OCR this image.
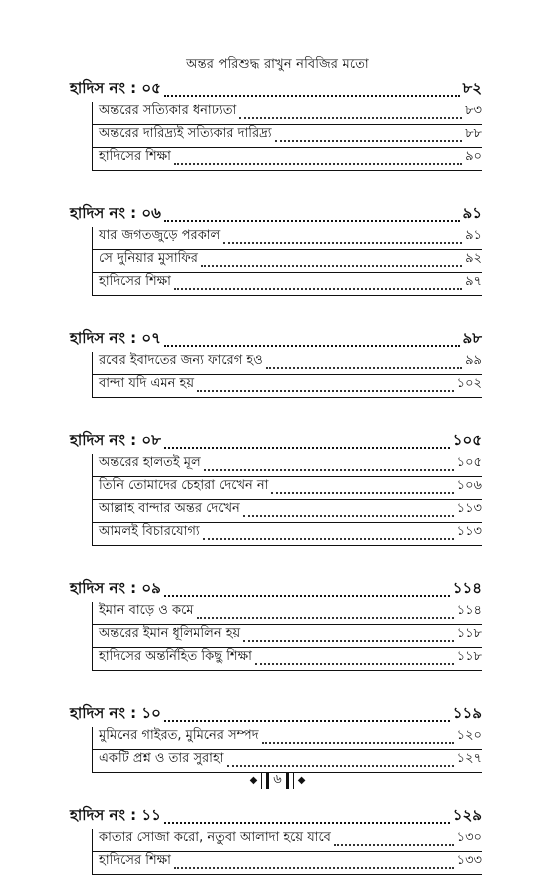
অন্তর পরিশুদ্ধ রাখুন নবিজির মতো
হাদিস নং : ০৫	৮২
অন্তরের সত্যিকার ধনাঢ্যতা	৮৩
অন্তরের দারিদ্র্যই সত্যিকার দারিদ্র্য	৮৮
হাদিসের শিক্ষা	৯০
হাদিস নং : ০৬	৯১
যার জগতজুড়ে পরকাল	৯১
সে দুনিয়ার মুসাফির	৯২
হাদিসের শিক্ষা	৯৭
হাদিস নং : ০৭	৯৮
রবের ইবাদতের জন্য ফারেগ হও	৯৯
বান্দা যদি এমন হয়	১০২
হাদিস নং : ০৮	১০৫
অন্তরের হালতই মূল	১০৫
তিনি তোমাদের চেহারা দেখেন না	১০৬
আল্লাহ বান্দার অন্তর দেখেন	১১৩
আমলই বিচারযোগ্য	১১৩
হাদিস নং : ০৯	১১৪
ইমান বাড়ে ও কমে	১১৪
অন্তরের ইমান ধূলিমলিন হয়	১১৮
হাদিসের অন্তর্নিহিত কিছু শিক্ষা	১১৮
হাদিস নং : ১০	১১৯
মুমিনের গাইরত, মুমিনের সম্পদ	১২০
একটি প্রশ্ন ও তার সুরাহা	১২৭
হাদিস নং : ১১	১২৯
কাতার সোজা করো, নতুবা আলাদা হয়ে যাবে	১৩০
হাদিসের শিক্ষা	১৩৩
◆ ৬ ◆
